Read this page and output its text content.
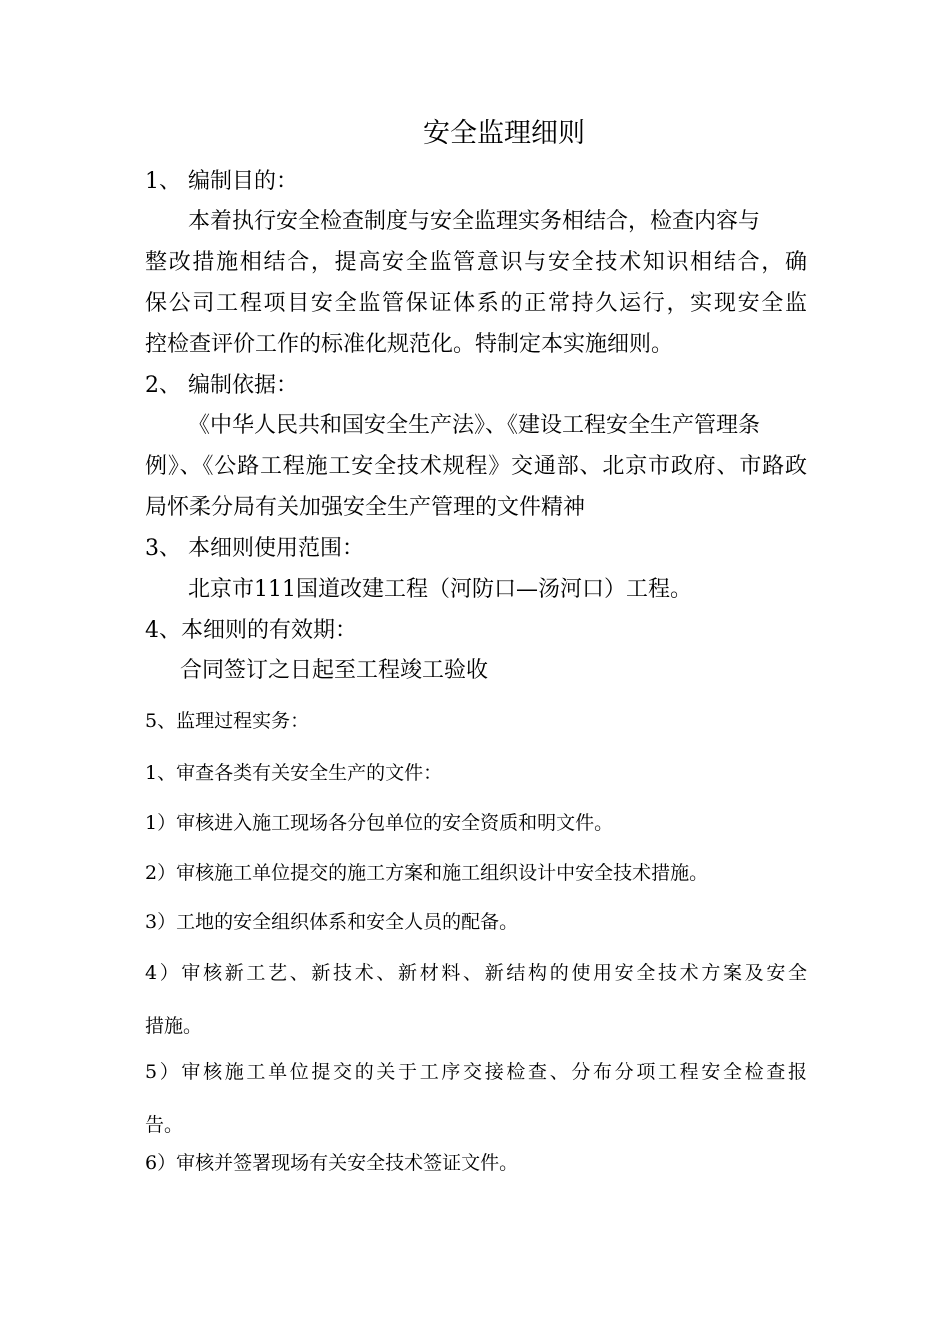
安全监理细则
1、 编制目的：
本着执行安全检查制度与安全监理实务相结合，检查内容与
整改措施相结合，提高安全监管意识与安全技术知识相结合，确
保公司工程项目安全监管保证体系的正常持久运行，实现安全监
控检查评价工作的标准化规范化。特制定本实施细则。
2、 编制依据：
《中华人民共和国安全生产法》、《建设工程安全生产管理条
例》、《公路工程施工安全技术规程》交通部、北京市政府、市路政
局怀柔分局有关加强安全生产管理的文件精神
3、 本细则使用范围：
北京市111国道改建工程（河防口—汤河口）工程。
4、本细则的有效期：
合同签订之日起至工程竣工验收
5、监理过程实务：
1、审查各类有关安全生产的文件：
1）审核进入施工现场各分包单位的安全资质和明文件。
2）审核施工单位提交的施工方案和施工组织设计中安全技术措施。
3）工地的安全组织体系和安全人员的配备。
4）审核新工艺、新技术、新材料、新结构的使用安全技术方案及安全
措施。
5）审核施工单位提交的关于工序交接检查、分布分项工程安全检查报
告。
6）审核并签署现场有关安全技术签证文件。
